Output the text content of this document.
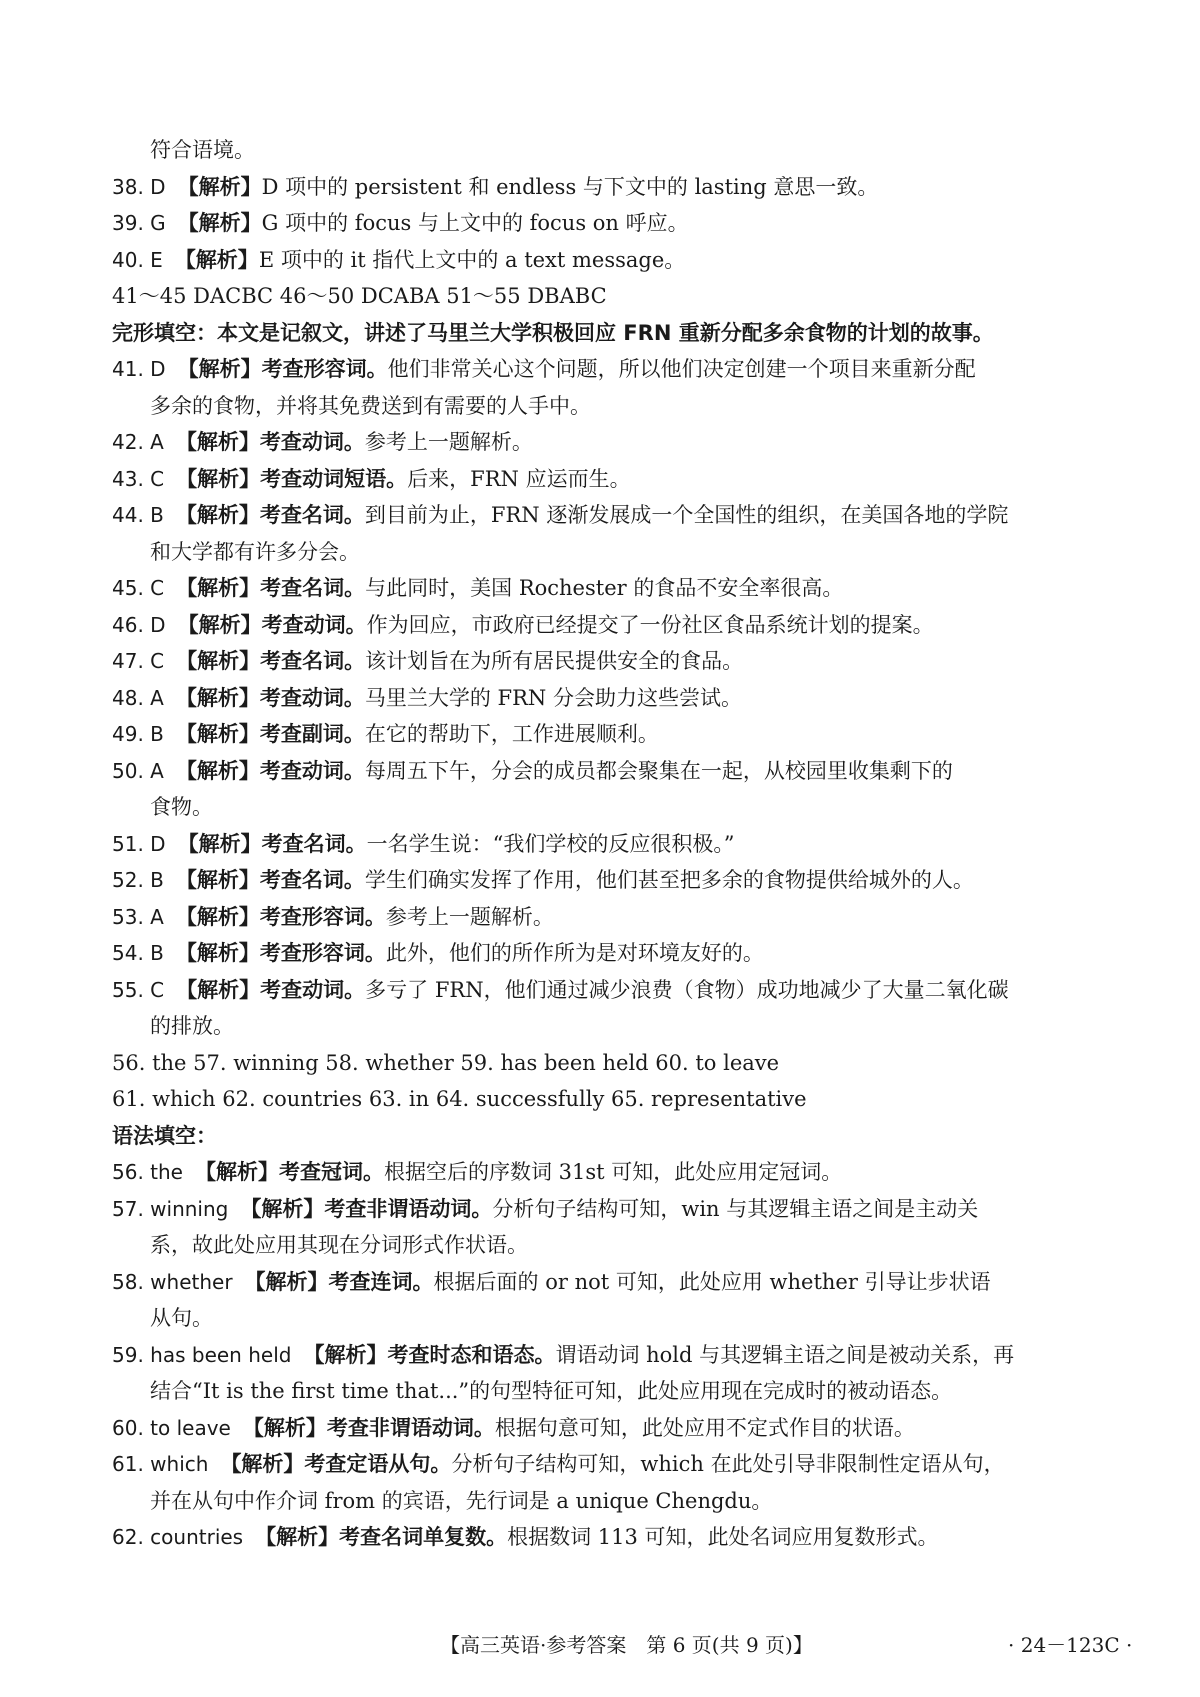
符合语境。
38. D 【解析】D 项中的 persistent 和 endless 与下文中的 lasting 意思一致。
39. G 【解析】G 项中的 focus 与上文中的 focus on 呼应。
40. E 【解析】E 项中的 it 指代上文中的 a text message。
41～45 DACBC 46～50 DCABA 51～55 DBABC
完形填空：本文是记叙文，讲述了马里兰大学积极回应 FRN 重新分配多余食物的计划的故事。
41. D 【解析】考查形容词。他们非常关心这个问题，所以他们决定创建一个项目来重新分配
多余的食物，并将其免费送到有需要的人手中。
42. A 【解析】考查动词。参考上一题解析。
43. C 【解析】考查动词短语。后来，FRN 应运而生。
44. B 【解析】考查名词。到目前为止，FRN 逐渐发展成一个全国性的组织，在美国各地的学院
和大学都有许多分会。
45. C 【解析】考查名词。与此同时，美国 Rochester 的食品不安全率很高。
46. D 【解析】考查动词。作为回应，市政府已经提交了一份社区食品系统计划的提案。
47. C 【解析】考查名词。该计划旨在为所有居民提供安全的食品。
48. A 【解析】考查动词。马里兰大学的 FRN 分会助力这些尝试。
49. B 【解析】考查副词。在它的帮助下，工作进展顺利。
50. A 【解析】考查动词。每周五下午，分会的成员都会聚集在一起，从校园里收集剩下的
食物。
51. D 【解析】考查名词。一名学生说：“我们学校的反应很积极。”
52. B 【解析】考查名词。学生们确实发挥了作用，他们甚至把多余的食物提供给城外的人。
53. A 【解析】考查形容词。参考上一题解析。
54. B 【解析】考查形容词。此外，他们的所作所为是对环境友好的。
55. C 【解析】考查动词。多亏了 FRN，他们通过减少浪费（食物）成功地减少了大量二氧化碳
的排放。
56. the 57. winning 58. whether 59. has been held 60. to leave
61. which 62. countries 63. in 64. successfully 65. representative
语法填空：
56. the 【解析】考查冠词。根据空后的序数词 31st 可知，此处应用定冠词。
57. winning 【解析】考查非谓语动词。分析句子结构可知，win 与其逻辑主语之间是主动关
系，故此处应用其现在分词形式作状语。
58. whether 【解析】考查连词。根据后面的 or not 可知，此处应用 whether 引导让步状语
从句。
59. has been held 【解析】考查时态和语态。谓语动词 hold 与其逻辑主语之间是被动关系，再
结合“It is the first time that...”的句型特征可知，此处应用现在完成时的被动语态。
60. to leave 【解析】考查非谓语动词。根据句意可知，此处应用不定式作目的状语。
61. which 【解析】考查定语从句。分析句子结构可知，which 在此处引导非限制性定语从句，
并在从句中作介词 from 的宾语，先行词是 a unique Chengdu。
62. countries 【解析】考查名词单复数。根据数词 113 可知，此处名词应用复数形式。
【高三英语·参考答案　第 6 页(共 9 页)】	· 24－123C ·
